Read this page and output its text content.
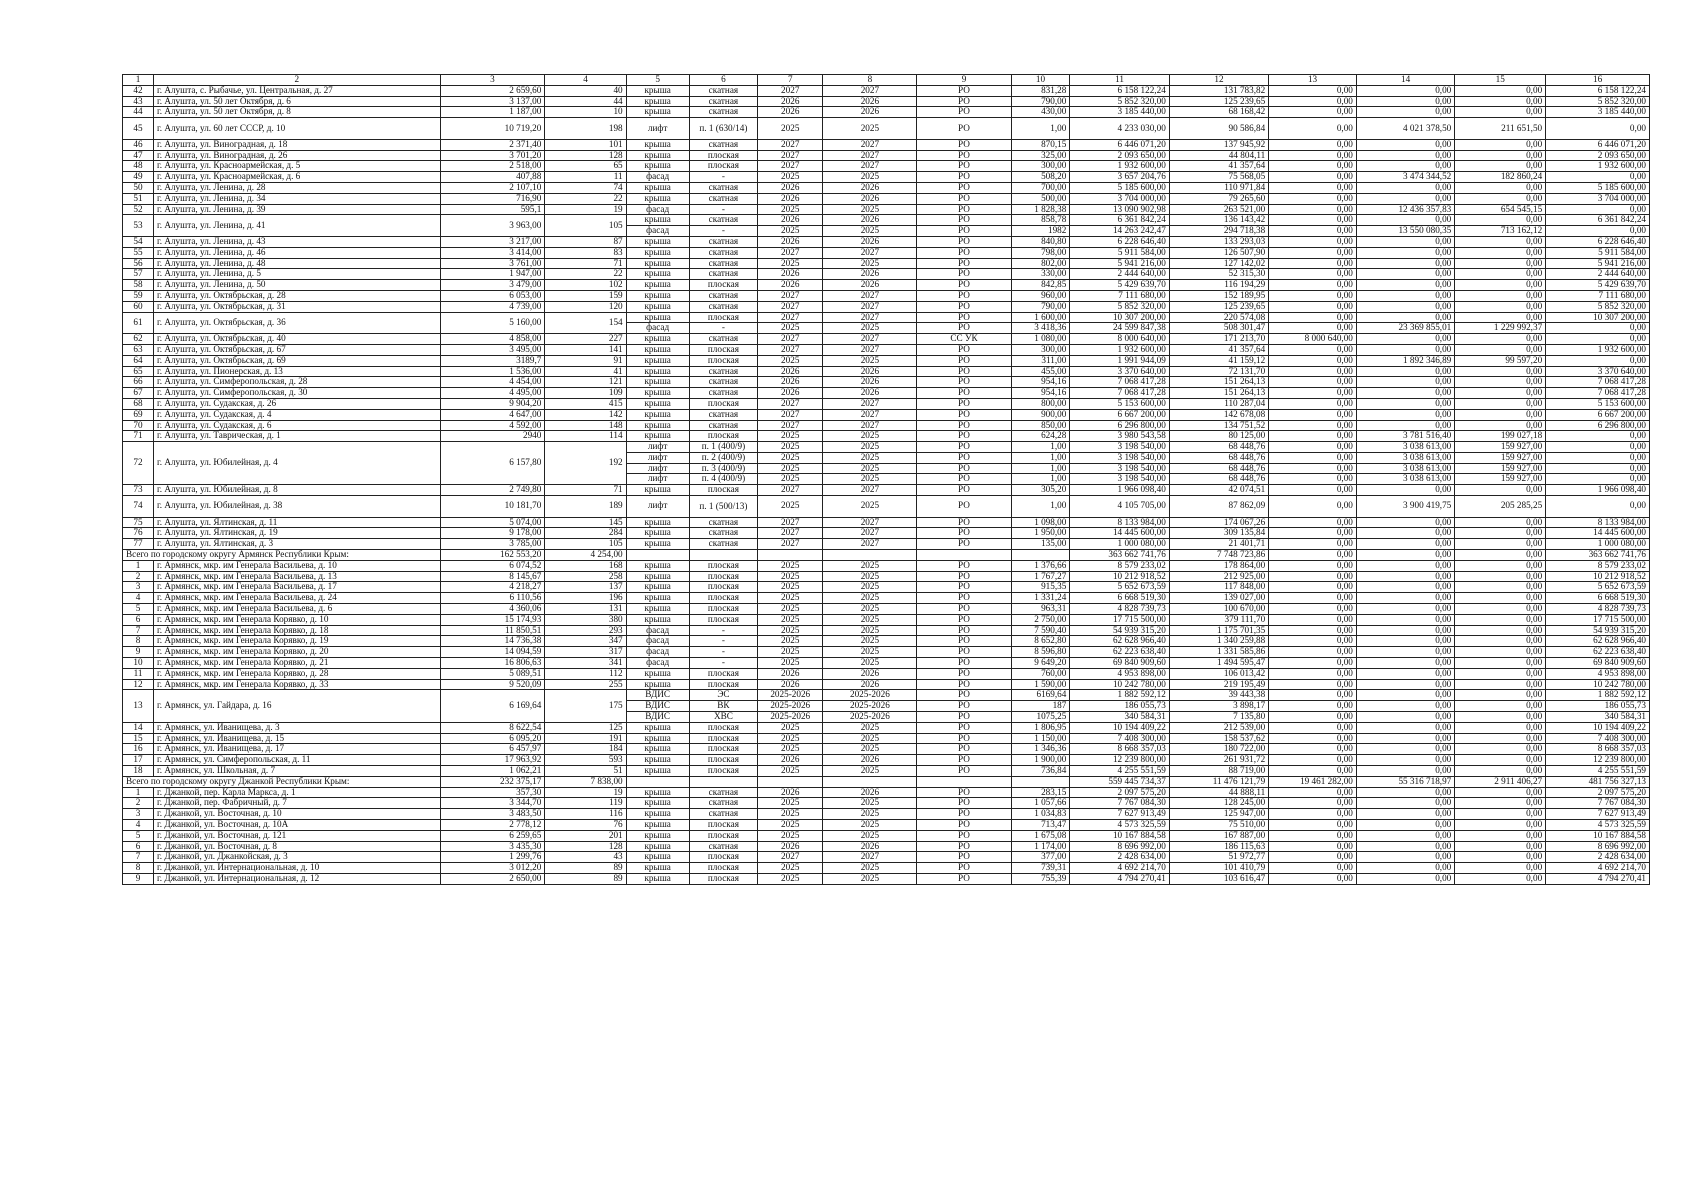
1	2	3	4	5	6	7	8	9	10	11	12	13	14	15	16
42	г. Алушта, с. Рыбачье, ул. Центральная, д. 27	2 659,60	40	крыша	скатная	2027	2027	РО	831,28	6 158 122,24	131 783,82	0,00	0,00	0,00	6 158 122,24
43	г. Алушта, ул. 50 лет Октября, д. 6	3 137,00	44	крыша	скатная	2026	2026	РО	790,00	5 852 320,00	125 239,65	0,00	0,00	0,00	5 852 320,00
44	г. Алушта, ул. 50 лет Октября, д. 8	1 187,00	10	крыша	скатная	2026	2026	РО	430,00	3 185 440,00	68 168,42	0,00	0,00	0,00	3 185 440,00
45	г. Алушта, ул. 60 лет СССР, д. 10	10 719,20	198	лифт	п. 1 (630/14)	2025	2025	РО	1,00	4 233 030,00	90 586,84	0,00	4 021 378,50	211 651,50	0,00
46	г. Алушта, ул. Виноградная, д. 18	2 371,40	101	крыша	скатная	2027	2027	РО	870,15	6 446 071,20	137 945,92	0,00	0,00	0,00	6 446 071,20
47	г. Алушта, ул. Виноградная, д. 26	3 701,20	128	крыша	плоская	2027	2027	РО	325,00	2 093 650,00	44 804,11	0,00	0,00	0,00	2 093 650,00
48	г. Алушта, ул. Красноармейская, д. 5	2 518,00	65	крыша	плоская	2027	2027	РО	300,00	1 932 600,00	41 357,64	0,00	0,00	0,00	1 932 600,00
49	г. Алушта, ул. Красноармейская, д. 6	407,88	11	фасад	-	2025	2025	РО	508,20	3 657 204,76	75 568,05	0,00	3 474 344,52	182 860,24	0,00
50	г. Алушта, ул. Ленина, д. 28	2 107,10	74	крыша	скатная	2026	2026	РО	700,00	5 185 600,00	110 971,84	0,00	0,00	0,00	5 185 600,00
51	г. Алушта, ул. Ленина, д. 34	716,90	22	крыша	скатная	2026	2026	РО	500,00	3 704 000,00	79 265,60	0,00	0,00	0,00	3 704 000,00
52	г. Алушта, ул. Ленина, д. 39	595,1	19	фасад	-	2025	2025	РО	1 828,38	13 090 902,98	263 521,00	0,00	12 436 357,83	654 545,15	0,00
53	г. Алушта, ул. Ленина, д. 41	3 963,00	105	крыша	скатная	2026	2026	РО	858,78	6 361 842,24	136 143,42	0,00	0,00	0,00	6 361 842,24
				фасад	-	2025	2025	РО	1982	14 263 242,47	294 718,38	0,00	13 550 080,35	713 162,12	0,00
54	г. Алушта, ул. Ленина, д. 43	3 217,00	87	крыша	скатная	2026	2026	РО	840,80	6 228 646,40	133 293,03	0,00	0,00	0,00	6 228 646,40
55	г. Алушта, ул. Ленина, д. 46	3 414,00	83	крыша	скатная	2027	2027	РО	798,00	5 911 584,00	126 507,90	0,00	0,00	0,00	5 911 584,00
56	г. Алушта, ул. Ленина, д. 48	3 761,00	71	крыша	скатная	2025	2025	РО	802,00	5 941 216,00	127 142,02	0,00	0,00	0,00	5 941 216,00
57	г. Алушта, ул. Ленина, д. 5	1 947,00	22	крыша	скатная	2026	2026	РО	330,00	2 444 640,00	52 315,30	0,00	0,00	0,00	2 444 640,00
58	г. Алушта, ул. Ленина, д. 50	3 479,00	102	крыша	плоская	2026	2026	РО	842,85	5 429 639,70	116 194,29	0,00	0,00	0,00	5 429 639,70
59	г. Алушта, ул. Октябрьская, д. 28	6 053,00	159	крыша	скатная	2027	2027	РО	960,00	7 111 680,00	152 189,95	0,00	0,00	0,00	7 111 680,00
60	г. Алушта, ул. Октябрьская, д. 31	4 739,00	120	крыша	скатная	2027	2027	РО	790,00	5 852 320,00	125 239,65	0,00	0,00	0,00	5 852 320,00
61	г. Алушта, ул. Октябрьская, д. 36	5 160,00	154	крыша	плоская	2027	2027	РО	1 600,00	10 307 200,00	220 574,08	0,00	0,00	0,00	10 307 200,00
				фасад	-	2025	2025	РО	3 418,36	24 599 847,38	508 301,47	0,00	23 369 855,01	1 229 992,37	0,00
62	г. Алушта, ул. Октябрьская, д. 40	4 858,00	227	крыша	скатная	2027	2027	СС УК	1 080,00	8 000 640,00	171 213,70	8 000 640,00	0,00	0,00	0,00
63	г. Алушта, ул. Октябрьская, д. 67	3 495,00	141	крыша	плоская	2027	2027	РО	300,00	1 932 600,00	41 357,64	0,00	0,00	0,00	1 932 600,00
64	г. Алушта, ул. Октябрьская, д. 69	3189,7	91	крыша	плоская	2025	2025	РО	311,00	1 991 944,09	41 159,12	0,00	1 892 346,89	99 597,20	0,00
65	г. Алушта, ул. Пионерская, д. 13	1 536,00	41	крыша	скатная	2026	2026	РО	455,00	3 370 640,00	72 131,70	0,00	0,00	0,00	3 370 640,00
66	г. Алушта, ул. Симферопольская, д. 28	4 454,00	121	крыша	скатная	2026	2026	РО	954,16	7 068 417,28	151 264,13	0,00	0,00	0,00	7 068 417,28
67	г. Алушта, ул. Симферопольская, д. 30	4 495,00	109	крыша	скатная	2026	2026	РО	954,16	7 068 417,28	151 264,13	0,00	0,00	0,00	7 068 417,28
68	г. Алушта, ул. Судакская, д. 26	9 904,20	415	крыша	плоская	2027	2027	РО	800,00	5 153 600,00	110 287,04	0,00	0,00	0,00	5 153 600,00
69	г. Алушта, ул. Судакская, д. 4	4 647,00	142	крыша	скатная	2027	2027	РО	900,00	6 667 200,00	142 678,08	0,00	0,00	0,00	6 667 200,00
70	г. Алушта, ул. Судакская, д. 6	4 592,00	148	крыша	скатная	2027	2027	РО	850,00	6 296 800,00	134 751,52	0,00	0,00	0,00	6 296 800,00
71	г. Алушта, ул. Таврическая, д. 1	2940	114	крыша	плоская	2025	2025	РО	624,28	3 980 543,58	80 125,00	0,00	3 781 516,40	199 027,18	0,00
72	г. Алушта, ул. Юбилейная, д. 4	6 157,80	192	лифт	п. 1 (400/9)	2025	2025	РО	1,00	3 198 540,00	68 448,76	0,00	3 038 613,00	159 927,00	0,00
				лифт	п. 2 (400/9)	2025	2025	РО	1,00	3 198 540,00	68 448,76	0,00	3 038 613,00	159 927,00	0,00
				лифт	п. 3 (400/9)	2025	2025	РО	1,00	3 198 540,00	68 448,76	0,00	3 038 613,00	159 927,00	0,00
				лифт	п. 4 (400/9)	2025	2025	РО	1,00	3 198 540,00	68 448,76	0,00	3 038 613,00	159 927,00	0,00
73	г. Алушта, ул. Юбилейная, д. 8	2 749,80	71	крыша	плоская	2027	2027	РО	305,20	1 966 098,40	42 074,51	0,00	0,00	0,00	1 966 098,40
74	г. Алушта, ул. Юбилейная, д. 38	10 181,70	189	лифт	п. 1 (500/13)	2025	2025	РО	1,00	4 105 705,00	87 862,09	0,00	3 900 419,75	205 285,25	0,00
75	г. Алушта, ул. Ялтинская, д. 11	5 074,00	145	крыша	скатная	2027	2027	РО	1 098,00	8 133 984,00	174 067,26	0,00	0,00	0,00	8 133 984,00
76	г. Алушта, ул. Ялтинская, д. 19	9 178,00	284	крыша	скатная	2027	2027	РО	1 950,00	14 445 600,00	309 135,84	0,00	0,00	0,00	14 445 600,00
77	г. Алушта, ул. Ялтинская, д. 3	3 785,00	105	крыша	скатная	2027	2027	РО	135,00	1 000 080,00	21 401,71	0,00	0,00	0,00	1 000 080,00
Всего по городскому округу Армянск Республики Крым:		162 553,20	4 254,00							363 662 741,76	7 748 723,86	0,00	0,00	0,00	363 662 741,76
1	г. Армянск, мкр. им Генерала Васильева, д. 10	6 074,52	168	крыша	плоская	2025	2025	РО	1 376,66	8 579 233,02	178 864,00	0,00	0,00	0,00	8 579 233,02
2	г. Армянск, мкр. им Генерала Васильева, д. 13	8 145,67	258	крыша	плоская	2025	2025	РО	1 767,27	10 212 918,52	212 925,00	0,00	0,00	0,00	10 212 918,52
3	г. Армянск, мкр. им Генерала Васильева, д. 17	4 218,27	137	крыша	плоская	2025	2025	РО	915,35	5 652 673,59	117 848,00	0,00	0,00	0,00	5 652 673,59
4	г. Армянск, мкр. им Генерала Васильева, д. 24	6 110,56	196	крыша	плоская	2025	2025	РО	1 331,24	6 668 519,30	139 027,00	0,00	0,00	0,00	6 668 519,30
5	г. Армянск, мкр. им Генерала Васильева, д. 6	4 360,06	131	крыша	плоская	2025	2025	РО	963,31	4 828 739,73	100 670,00	0,00	0,00	0,00	4 828 739,73
6	г. Армянск, мкр. им Генерала Корявко, д. 10	15 174,93	380	крыша	плоская	2025	2025	РО	2 750,00	17 715 500,00	379 111,70	0,00	0,00	0,00	17 715 500,00
7	г. Армянск, мкр. им Генерала Корявко, д. 18	11 850,51	293	фасад	-	2025	2025	РО	7 590,40	54 939 315,20	1 175 701,35	0,00	0,00	0,00	54 939 315,20
8	г. Армянск, мкр. им Генерала Корявко, д. 19	14 736,38	347	фасад	-	2025	2025	РО	8 652,80	62 628 966,40	1 340 259,88	0,00	0,00	0,00	62 628 966,40
9	г. Армянск, мкр. им Генерала Корявко, д. 20	14 094,59	317	фасад	-	2025	2025	РО	8 596,80	62 223 638,40	1 331 585,86	0,00	0,00	0,00	62 223 638,40
10	г. Армянск, мкр. им Генерала Корявко, д. 21	16 806,63	341	фасад	-	2025	2025	РО	9 649,20	69 840 909,60	1 494 595,47	0,00	0,00	0,00	69 840 909,60
11	г. Армянск, мкр. им Генерала Корявко, д. 28	5 089,51	112	крыша	плоская	2026	2026	РО	760,00	4 953 898,00	106 013,42	0,00	0,00	0,00	4 953 898,00
12	г. Армянск, мкр. им Генерала Корявко, д. 33	9 520,09	255	крыша	плоская	2026	2026	РО	1 590,00	10 242 780,00	219 195,49	0,00	0,00	0,00	10 242 780,00
13	г. Армянск, ул. Гайдара, д. 16	6 169,64	175	ВДИС	ЭС	2025-2026	2025-2026	РО	6169,64	1 882 592,12	39 443,38	0,00	0,00	0,00	1 882 592,12
				ВДИС	ВК	2025-2026	2025-2026	РО	187	186 055,73	3 898,17	0,00	0,00	0,00	186 055,73
				ВДИС	ХВС	2025-2026	2025-2026	РО	1075,25	340 584,31	7 135,80	0,00	0,00	0,00	340 584,31
14	г. Армянск, ул. Иванищева, д. 3	8 622,54	125	крыша	плоская	2025	2025	РО	1 806,95	10 194 409,22	212 539,00	0,00	0,00	0,00	10 194 409,22
15	г. Армянск, ул. Иванищева, д. 15	6 095,20	191	крыша	плоская	2025	2025	РО	1 150,00	7 408 300,00	158 537,62	0,00	0,00	0,00	7 408 300,00
16	г. Армянск, ул. Иванищева, д. 17	6 457,97	184	крыша	плоская	2025	2025	РО	1 346,36	8 668 357,03	180 722,00	0,00	0,00	0,00	8 668 357,03
17	г. Армянск, ул. Симферопольская, д. 11	17 963,92	593	крыша	плоская	2026	2026	РО	1 900,00	12 239 800,00	261 931,72	0,00	0,00	0,00	12 239 800,00
18	г. Армянск, ул. Школьная, д. 7	1 062,21	51	крыша	плоская	2025	2025	РО	736,84	4 255 551,59	88 719,00	0,00	0,00	0,00	4 255 551,59
Всего по городскому округу Джанкой Республики Крым:		232 375,17	7 838,00							559 445 734,37	11 476 121,79	19 461 282,00	55 316 718,97	2 911 406,27	481 756 327,13
1	г. Джанкой, пер. Карла Маркса, д. 1	357,30	19	крыша	скатная	2026	2026	РО	283,15	2 097 575,20	44 888,11	0,00	0,00	0,00	2 097 575,20
2	г. Джанкой, пер. Фабричный, д. 7	3 344,70	119	крыша	скатная	2025	2025	РО	1 057,66	7 767 084,30	128 245,00	0,00	0,00	0,00	7 767 084,30
3	г. Джанкой, ул. Восточная, д. 10	3 483,50	116	крыша	скатная	2025	2025	РО	1 034,83	7 627 913,49	125 947,00	0,00	0,00	0,00	7 627 913,49
4	г. Джанкой, ул. Восточная, д. 10А	2 778,12	76	крыша	плоская	2025	2025	РО	713,47	4 573 325,59	75 510,00	0,00	0,00	0,00	4 573 325,59
5	г. Джанкой, ул. Восточная, д. 121	6 259,65	201	крыша	плоская	2025	2025	РО	1 675,08	10 167 884,58	167 887,00	0,00	0,00	0,00	10 167 884,58
6	г. Джанкой, ул. Восточная, д. 8	3 435,30	128	крыша	скатная	2026	2026	РО	1 174,00	8 696 992,00	186 115,63	0,00	0,00	0,00	8 696 992,00
7	г. Джанкой, ул. Джанкойская, д. 3	1 299,76	43	крыша	плоская	2027	2027	РО	377,00	2 428 634,00	51 972,77	0,00	0,00	0,00	2 428 634,00
8	г. Джанкой, ул. Интернациональная, д. 10	3 012,20	89	крыша	плоская	2025	2025	РО	739,31	4 692 214,70	101 410,79	0,00	0,00	0,00	4 692 214,70
9	г. Джанкой, ул. Интернациональная, д. 12	2 650,00	89	крыша	плоская	2025	2025	РО	755,39	4 794 270,41	103 616,47	0,00	0,00	0,00	4 794 270,41
